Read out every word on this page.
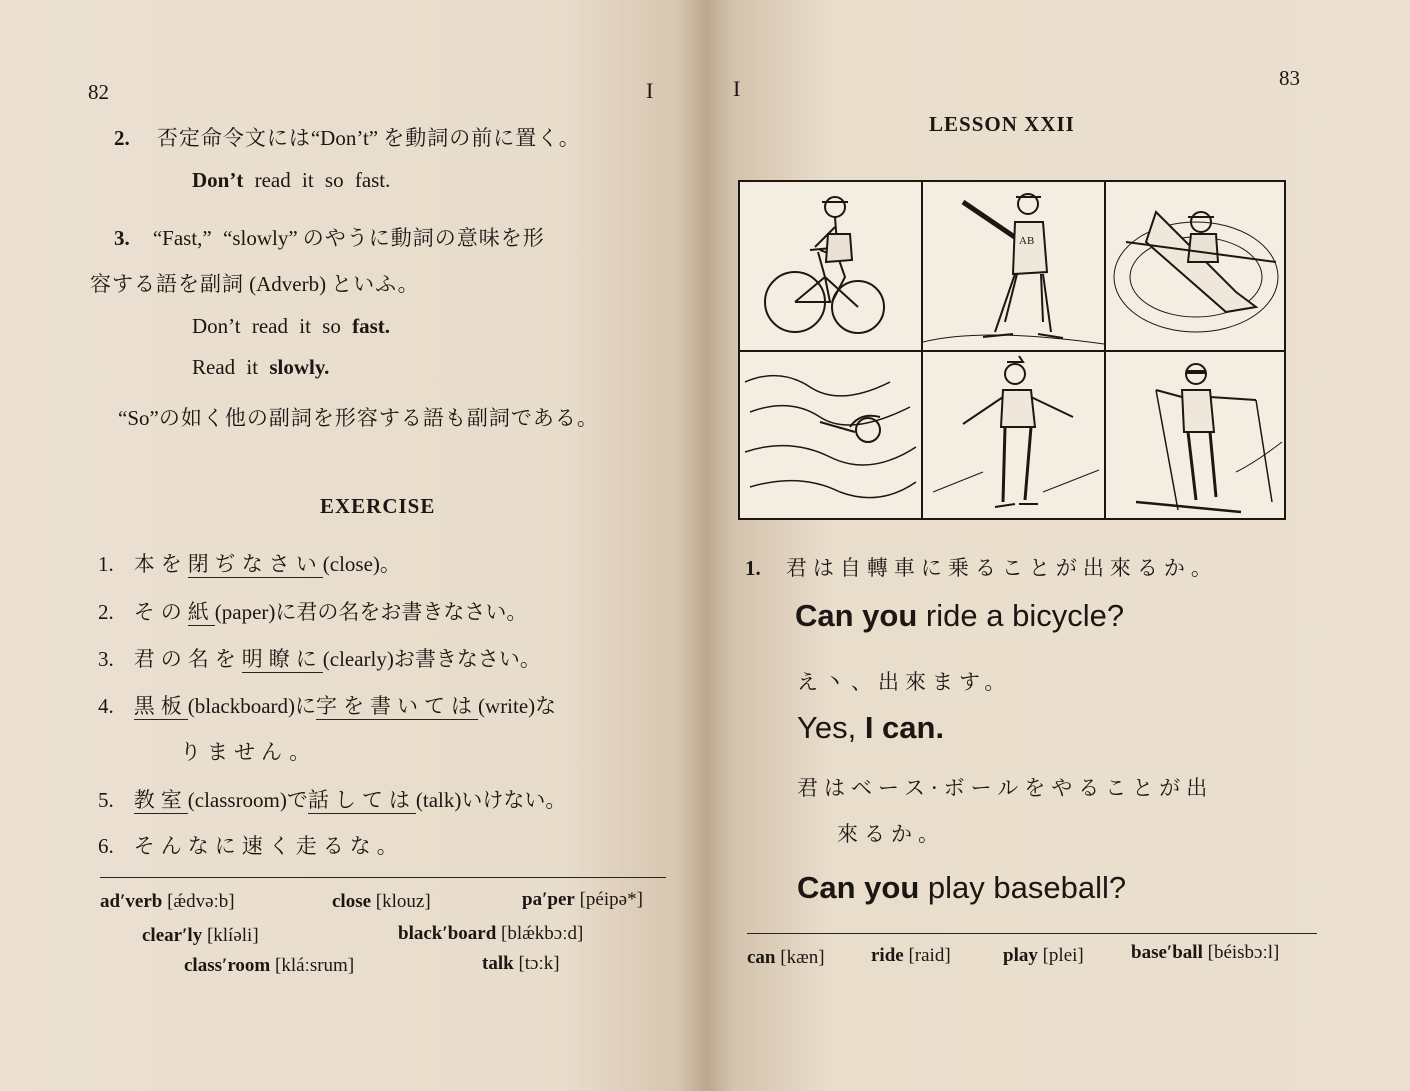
82	I
2. 否定命令文には“Don’t” を動詞の前に置く。
Don’t read it so fast.
3. “Fast,” “slowly” のやうに動詞の意味を形
容する語を副詞 (Adverb) といふ。
Don’t read it so fast.
Read it slowly.
“So”の如く他の副詞を形容する語も副詞である。
EXERCISE
1. 本を閉ぢなさい(close)。
2. その紙(paper)に君の名をお書きなさい。
3. 君の名を明瞭に(clearly)お書きなさい。
4. 黒板(blackboard)に字を書いては(write)な
りません。
5. 教室(classroom)で話しては(talk)いけない。
6. そんなに速く走るな。
ad′verb [ǽdvəːb]	close [klouz]	pa′per [péipə*]
clear′ly [klíəli]	black′board [blǽkbɔːd]
class′room [kláːsrum]	talk [tɔːk]
I	83
LESSON XXII
1. 君は自轉車に乗ることが出來るか。
Can you ride a bicycle?
え丶、出來ます。
Yes, I can.
君はベース·ボールをやることが出
來るか。
Can you play baseball?
can [kæn] ride [raid]	play [plei] base′ball [béisbɔːl]
AB
